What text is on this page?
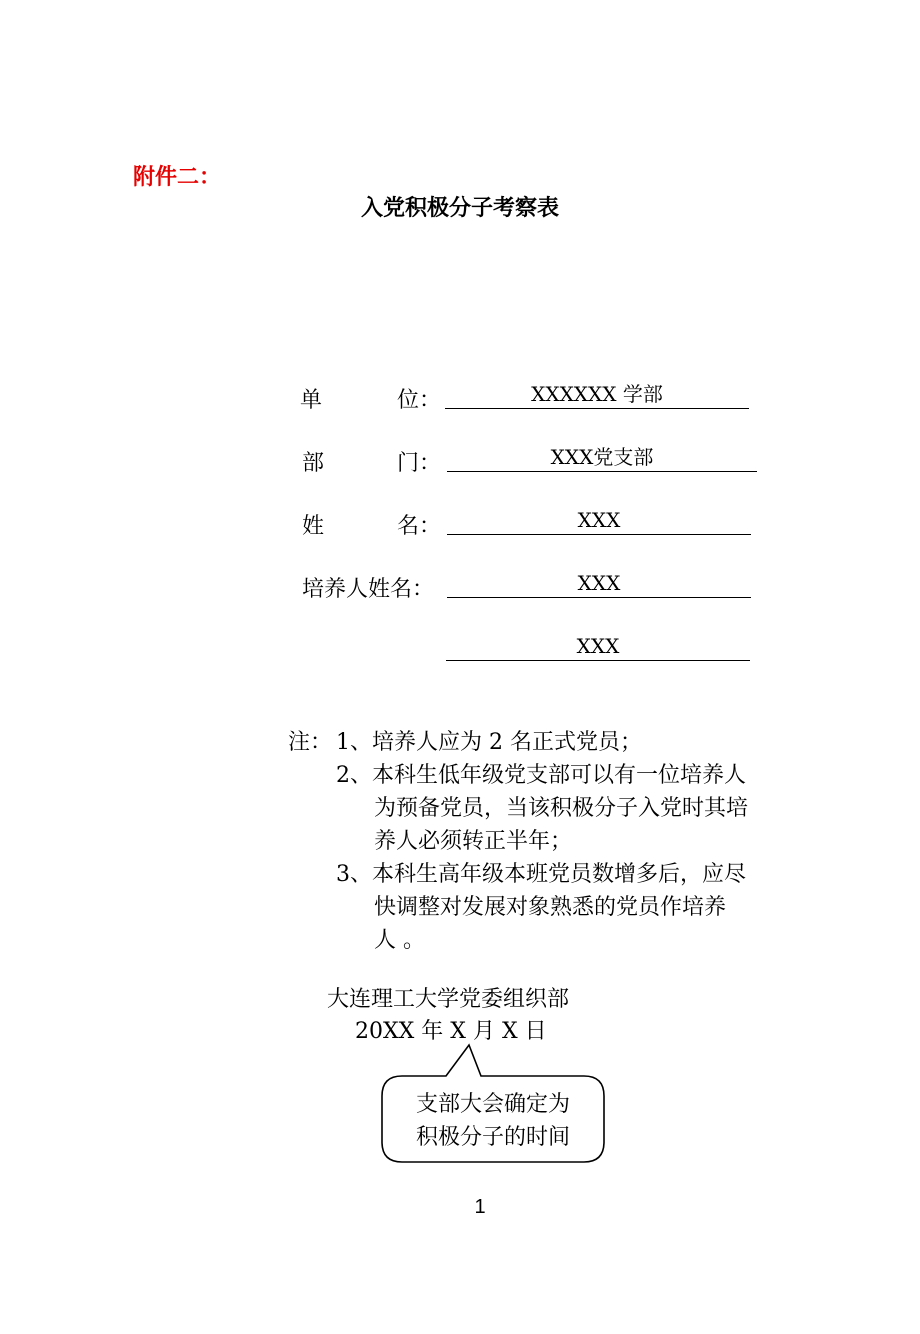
附件二：
入党积极分子考察表
单	位：	XXXXXX 学部
部	门：	XXX党支部
姓	名：	XXX
培养人姓名：	XXX
XXX
注： 1、培养人应为 2 名正式党员；
2、本科生低年级党支部可以有一位培养人
为预备党员，当该积极分子入党时其培
养人必须转正半年；
3、本科生高年级本班党员数增多后，应尽
快调整对发展对象熟悉的党员作培养
人 。
大连理工大学党委组织部
20XX 年 X 月 X 日
支部大会确定为
积极分子的时间
1
